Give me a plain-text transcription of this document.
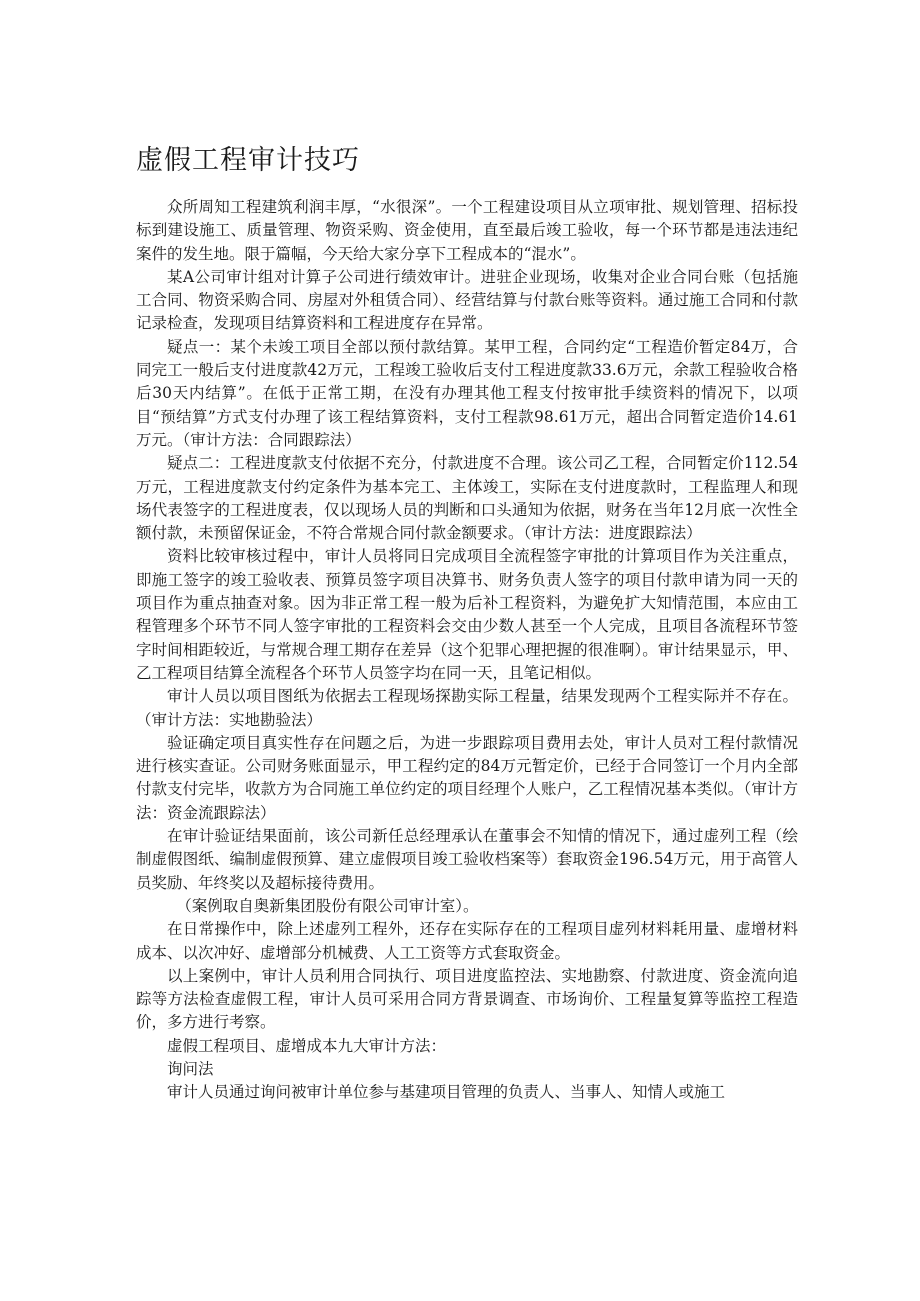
虚假工程审计技巧

众所周知工程建筑利润丰厚，“水很深”。一个工程建设项目从立项审批、规划管理、招标投标到建设施工、质量管理、物资采购、资金使用，直至最后竣工验收，每一个环节都是违法违纪案件的发生地。限于篇幅，今天给大家分享下工程成本的“混水”。

某A公司审计组对计算子公司进行绩效审计。进驻企业现场，收集对企业合同台账（包括施工合同、物资采购合同、房屋对外租赁合同）、经营结算与付款台账等资料。通过施工合同和付款记录检查，发现项目结算资料和工程进度存在异常。

疑点一：某个未竣工项目全部以预付款结算。某甲工程，合同约定“工程造价暂定84万，合同完工一般后支付进度款42万元，工程竣工验收后支付工程进度款33.6万元，余款工程验收合格后30天内结算”。在低于正常工期，在没有办理其他工程支付按审批手续资料的情况下，以项目“预结算”方式支付办理了该工程结算资料，支付工程款98.61万元，超出合同暂定造价14.61万元。（审计方法：合同跟踪法）

疑点二：工程进度款支付依据不充分，付款进度不合理。该公司乙工程，合同暂定价112.54万元，工程进度款支付约定条件为基本完工、主体竣工，实际在支付进度款时，工程监理人和现场代表签字的工程进度表，仅以现场人员的判断和口头通知为依据，财务在当年12月底一次性全额付款，未预留保证金，不符合常规合同付款金额要求。（审计方法：进度跟踪法）

资料比较审核过程中，审计人员将同日完成项目全流程签字审批的计算项目作为关注重点，即施工签字的竣工验收表、预算员签字项目决算书、财务负责人签字的项目付款申请为同一天的项目作为重点抽查对象。因为非正常工程一般为后补工程资料，为避免扩大知情范围，本应由工程管理多个环节不同人签字审批的工程资料会交由少数人甚至一个人完成，且项目各流程环节签字时间相距较近，与常规合理工期存在差异（这个犯罪心理把握的很准啊）。审计结果显示，甲、乙工程项目结算全流程各个环节人员签字均在同一天，且笔记相似。

审计人员以项目图纸为依据去工程现场探勘实际工程量，结果发现两个工程实际并不存在。（审计方法：实地勘验法）

验证确定项目真实性存在问题之后，为进一步跟踪项目费用去处，审计人员对工程付款情况进行核实查证。公司财务账面显示，甲工程约定的84万元暂定价，已经于合同签订一个月内全部付款支付完毕，收款方为合同施工单位约定的项目经理个人账户，乙工程情况基本类似。（审计方法：资金流跟踪法）

在审计验证结果面前，该公司新任总经理承认在董事会不知情的情况下，通过虚列工程（绘制虚假图纸、编制虚假预算、建立虚假项目竣工验收档案等）套取资金196.54万元，用于高管人员奖励、年终奖以及超标接待费用。

（案例取自奥新集团股份有限公司审计室）。

在日常操作中，除上述虚列工程外，还存在实际存在的工程项目虚列材料耗用量、虚增材料成本、以次冲好、虚增部分机械费、人工工资等方式套取资金。

以上案例中，审计人员利用合同执行、项目进度监控法、实地勘察、付款进度、资金流向追踪等方法检查虚假工程，审计人员可采用合同方背景调查、市场询价、工程量复算等监控工程造价，多方进行考察。

虚假工程项目、虚增成本九大审计方法：

询问法

审计人员通过询问被审计单位参与基建项目管理的负责人、当事人、知情人或施工
